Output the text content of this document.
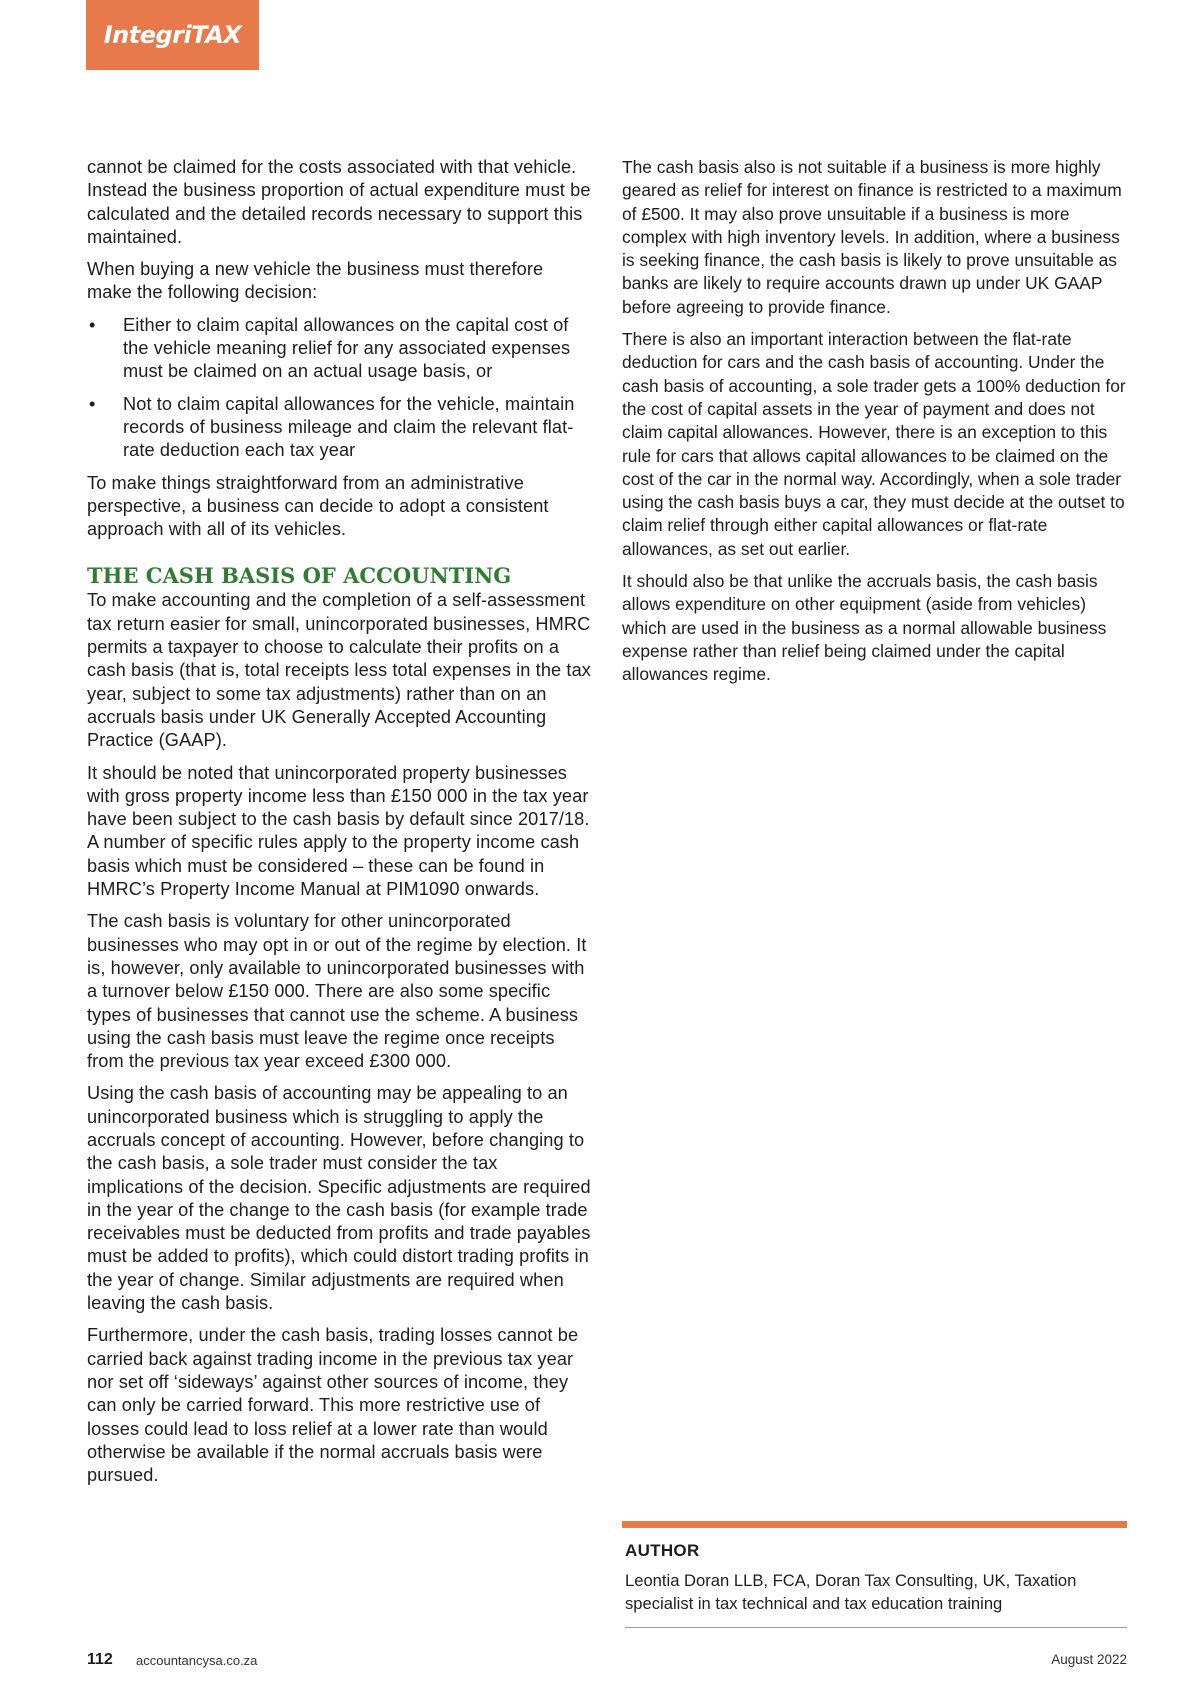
IntegriTAX

cannot be claimed for the costs associated with that vehicle. Instead the business proportion of actual expenditure must be calculated and the detailed records necessary to support this maintained.

When buying a new vehicle the business must therefore make the following decision:

• Either to claim capital allowances on the capital cost of the vehicle meaning relief for any associated expenses must be claimed on an actual usage basis, or
• Not to claim capital allowances for the vehicle, maintain records of business mileage and claim the relevant flat-rate deduction each tax year

To make things straightforward from an administrative perspective, a business can decide to adopt a consistent approach with all of its vehicles.

THE CASH BASIS OF ACCOUNTING

To make accounting and the completion of a self-assessment tax return easier for small, unincorporated businesses, HMRC permits a taxpayer to choose to calculate their profits on a cash basis (that is, total receipts less total expenses in the tax year, subject to some tax adjustments) rather than on an accruals basis under UK Generally Accepted Accounting Practice (GAAP).

It should be noted that unincorporated property businesses with gross property income less than £150 000 in the tax year have been subject to the cash basis by default since 2017/18. A number of specific rules apply to the property income cash basis which must be considered – these can be found in HMRC’s Property Income Manual at PIM1090 onwards.

The cash basis is voluntary for other unincorporated businesses who may opt in or out of the regime by election. It is, however, only available to unincorporated businesses with a turnover below £150 000. There are also some specific types of businesses that cannot use the scheme. A business using the cash basis must leave the regime once receipts from the previous tax year exceed £300 000.

Using the cash basis of accounting may be appealing to an unincorporated business which is struggling to apply the accruals concept of accounting. However, before changing to the cash basis, a sole trader must consider the tax implications of the decision. Specific adjustments are required in the year of the change to the cash basis (for example trade receivables must be deducted from profits and trade payables must be added to profits), which could distort trading profits in the year of change. Similar adjustments are required when leaving the cash basis.

Furthermore, under the cash basis, trading losses cannot be carried back against trading income in the previous tax year nor set off ‘sideways’ against other sources of income, they can only be carried forward. This more restrictive use of losses could lead to loss relief at a lower rate than would otherwise be available if the normal accruals basis were pursued.

The cash basis also is not suitable if a business is more highly geared as relief for interest on finance is restricted to a maximum of £500. It may also prove unsuitable if a business is more complex with high inventory levels. In addition, where a business is seeking finance, the cash basis is likely to prove unsuitable as banks are likely to require accounts drawn up under UK GAAP before agreeing to provide finance.

There is also an important interaction between the flat-rate deduction for cars and the cash basis of accounting. Under the cash basis of accounting, a sole trader gets a 100% deduction for the cost of capital assets in the year of payment and does not claim capital allowances. However, there is an exception to this rule for cars that allows capital allowances to be claimed on the cost of the car in the normal way. Accordingly, when a sole trader using the cash basis buys a car, they must decide at the outset to claim relief through either capital allowances or flat-rate allowances, as set out earlier.

It should also be that unlike the accruals basis, the cash basis allows expenditure on other equipment (aside from vehicles) which are used in the business as a normal allowable business expense rather than relief being claimed under the capital allowances regime.

AUTHOR
Leontia Doran LLB, FCA, Doran Tax Consulting, UK, Taxation specialist in tax technical and tax education training
112 accountancysa.co.za	August 2022
